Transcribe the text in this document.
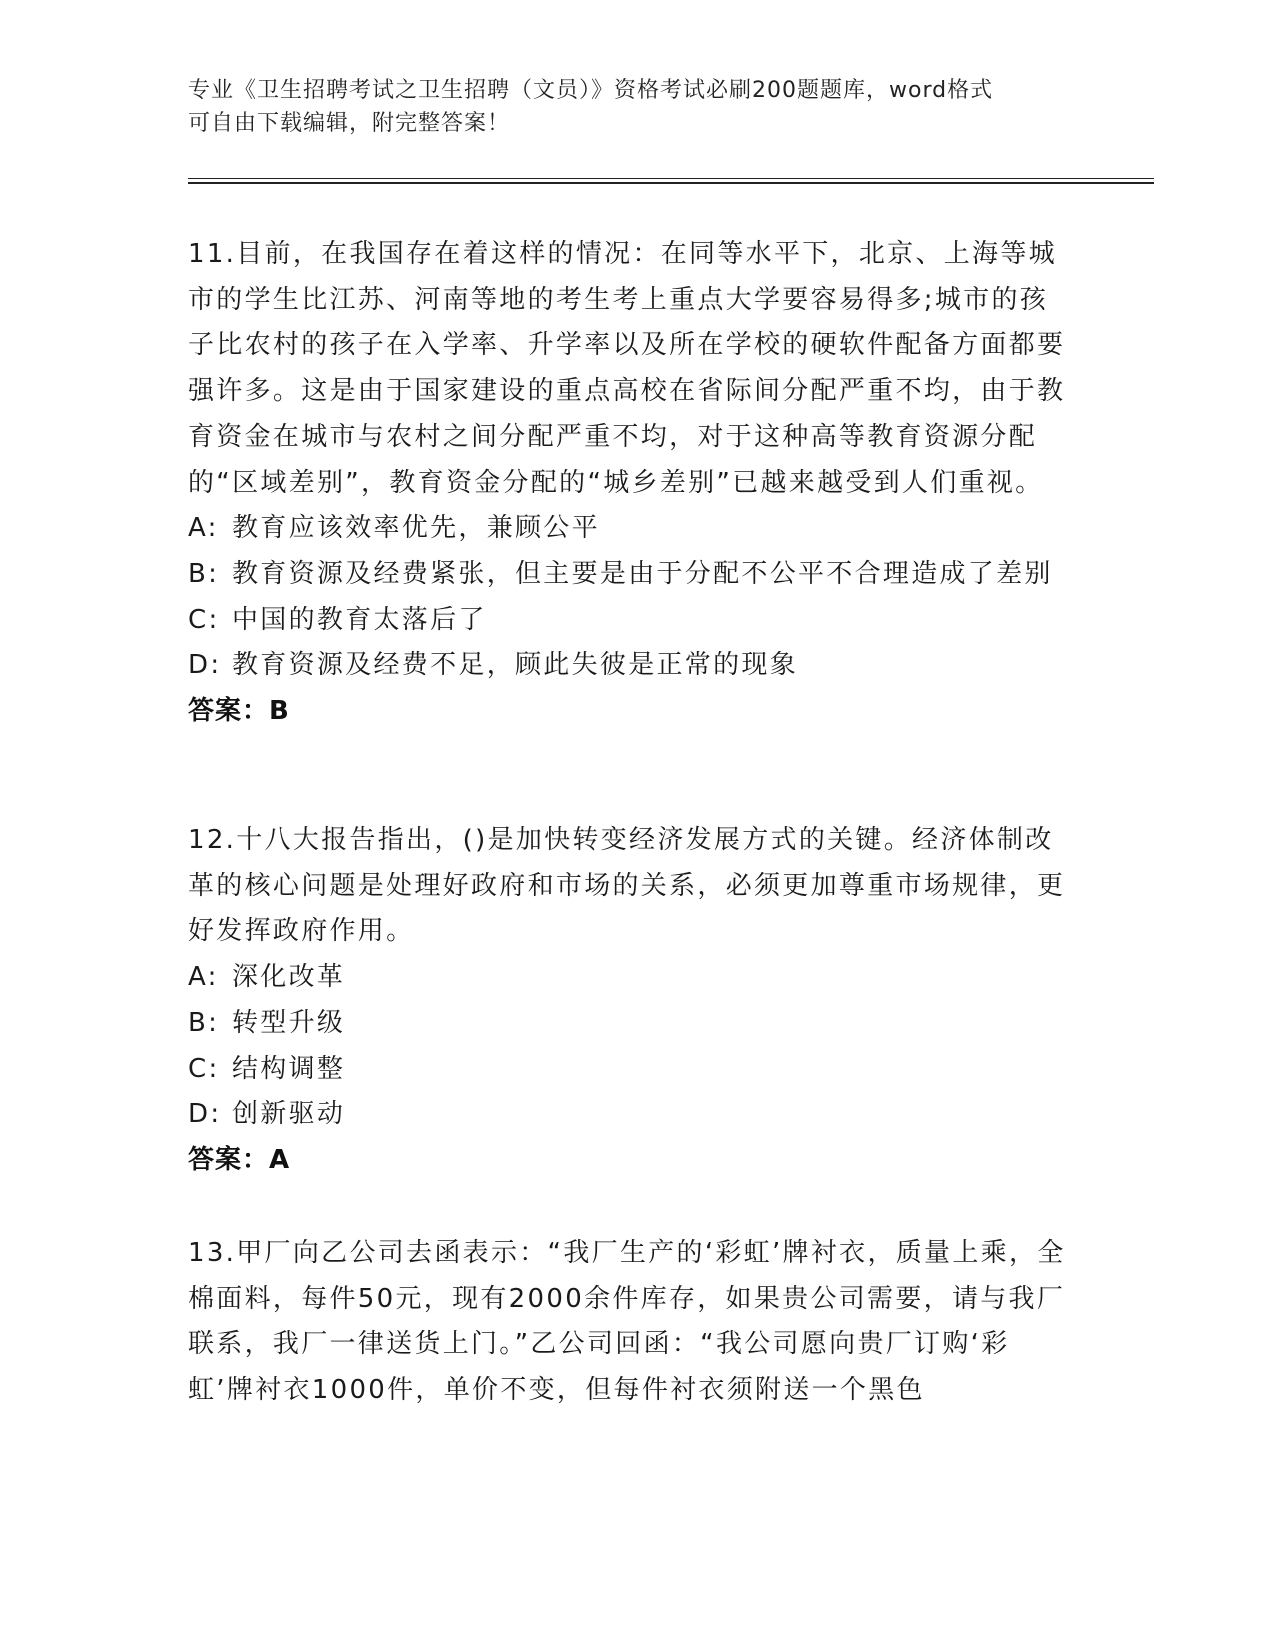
专业《卫生招聘考试之卫生招聘（文员）》资格考试必刷200题题库，word格式
可自由下载编辑，附完整答案！

11.目前，在我国存在着这样的情况：在同等水平下，北京、上海等城市的学生比江苏、河南等地的考生考上重点大学要容易得多;城市的孩子比农村的孩子在入学率、升学率以及所在学校的硬软件配备方面都要强许多。这是由于国家建设的重点高校在省际间分配严重不均，由于教育资金在城市与农村之间分配严重不均，对于这种高等教育资源分配的“区域差别”，教育资金分配的“城乡差别”已越来越受到人们重视。

A: 教育应该效率优先，兼顾公平
B: 教育资源及经费紧张，但主要是由于分配不公平不合理造成了差别
C: 中国的教育太落后了
D: 教育资源及经费不足，顾此失彼是正常的现象
答案：B

12.十八大报告指出，()是加快转变经济发展方式的关键。经济体制改革的核心问题是处理好政府和市场的关系，必须更加尊重市场规律，更好发挥政府作用。

A: 深化改革
B: 转型升级
C: 结构调整
D: 创新驱动
答案：A

13.甲厂向乙公司去函表示：“我厂生产的‘彩虹’牌衬衣，质量上乘，全棉面料，每件50元，现有2000余件库存，如果贵公司需要，请与我厂联系，我厂一律送货上门。”乙公司回函：“我公司愿向贵厂订购‘彩虹’牌衬衣1000件，单价不变，但每件衬衣须附送一个黑色
